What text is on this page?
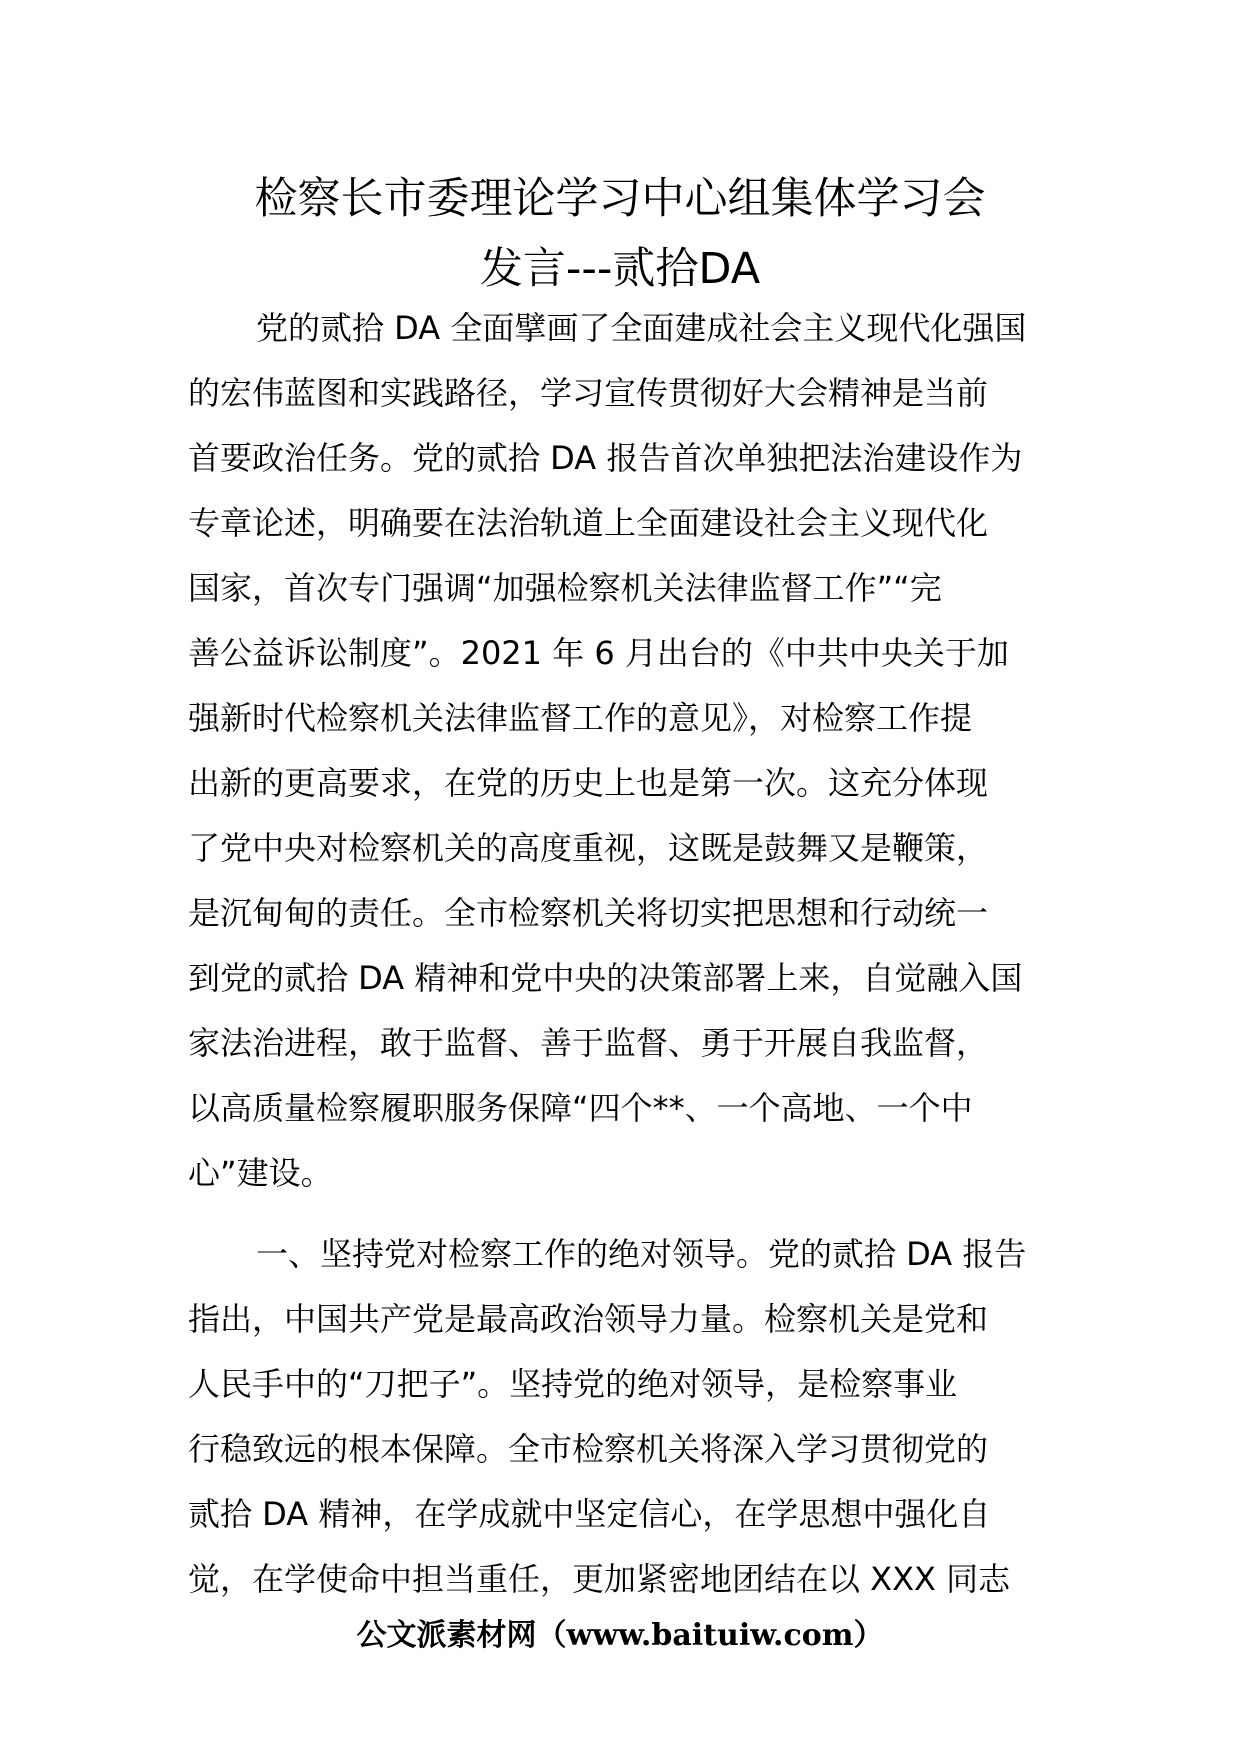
检察长市委理论学习中心组集体学习会
发言---贰拾DA
党的贰拾 DA 全面擘画了全面建成社会主义现代化强国
的宏伟蓝图和实践路径，学习宣传贯彻好大会精神是当前
首要政治任务。党的贰拾 DA 报告首次单独把法治建设作为
专章论述，明确要在法治轨道上全面建设社会主义现代化
国家，首次专门强调“加强检察机关法律监督工作”“完
善公益诉讼制度”。2021 年 6 月出台的《中共中央关于加
强新时代检察机关法律监督工作的意见》，对检察工作提
出新的更高要求，在党的历史上也是第一次。这充分体现
了党中央对检察机关的高度重视，这既是鼓舞又是鞭策，
是沉甸甸的责任。全市检察机关将切实把思想和行动统一
到党的贰拾 DA 精神和党中央的决策部署上来，自觉融入国
家法治进程，敢于监督、善于监督、勇于开展自我监督，
以高质量检察履职服务保障“四个**、一个高地、一个中
心”建设。
一、坚持党对检察工作的绝对领导。党的贰拾 DA 报告
指出，中国共产党是最高政治领导力量。检察机关是党和
人民手中的“刀把子”。坚持党的绝对领导，是检察事业
行稳致远的根本保障。全市检察机关将深入学习贯彻党的
贰拾 DA 精神，在学成就中坚定信心，在学思想中强化自
觉，在学使命中担当重任，更加紧密地团结在以 XXX 同志
公文派素材网（www.baituiw.com）
